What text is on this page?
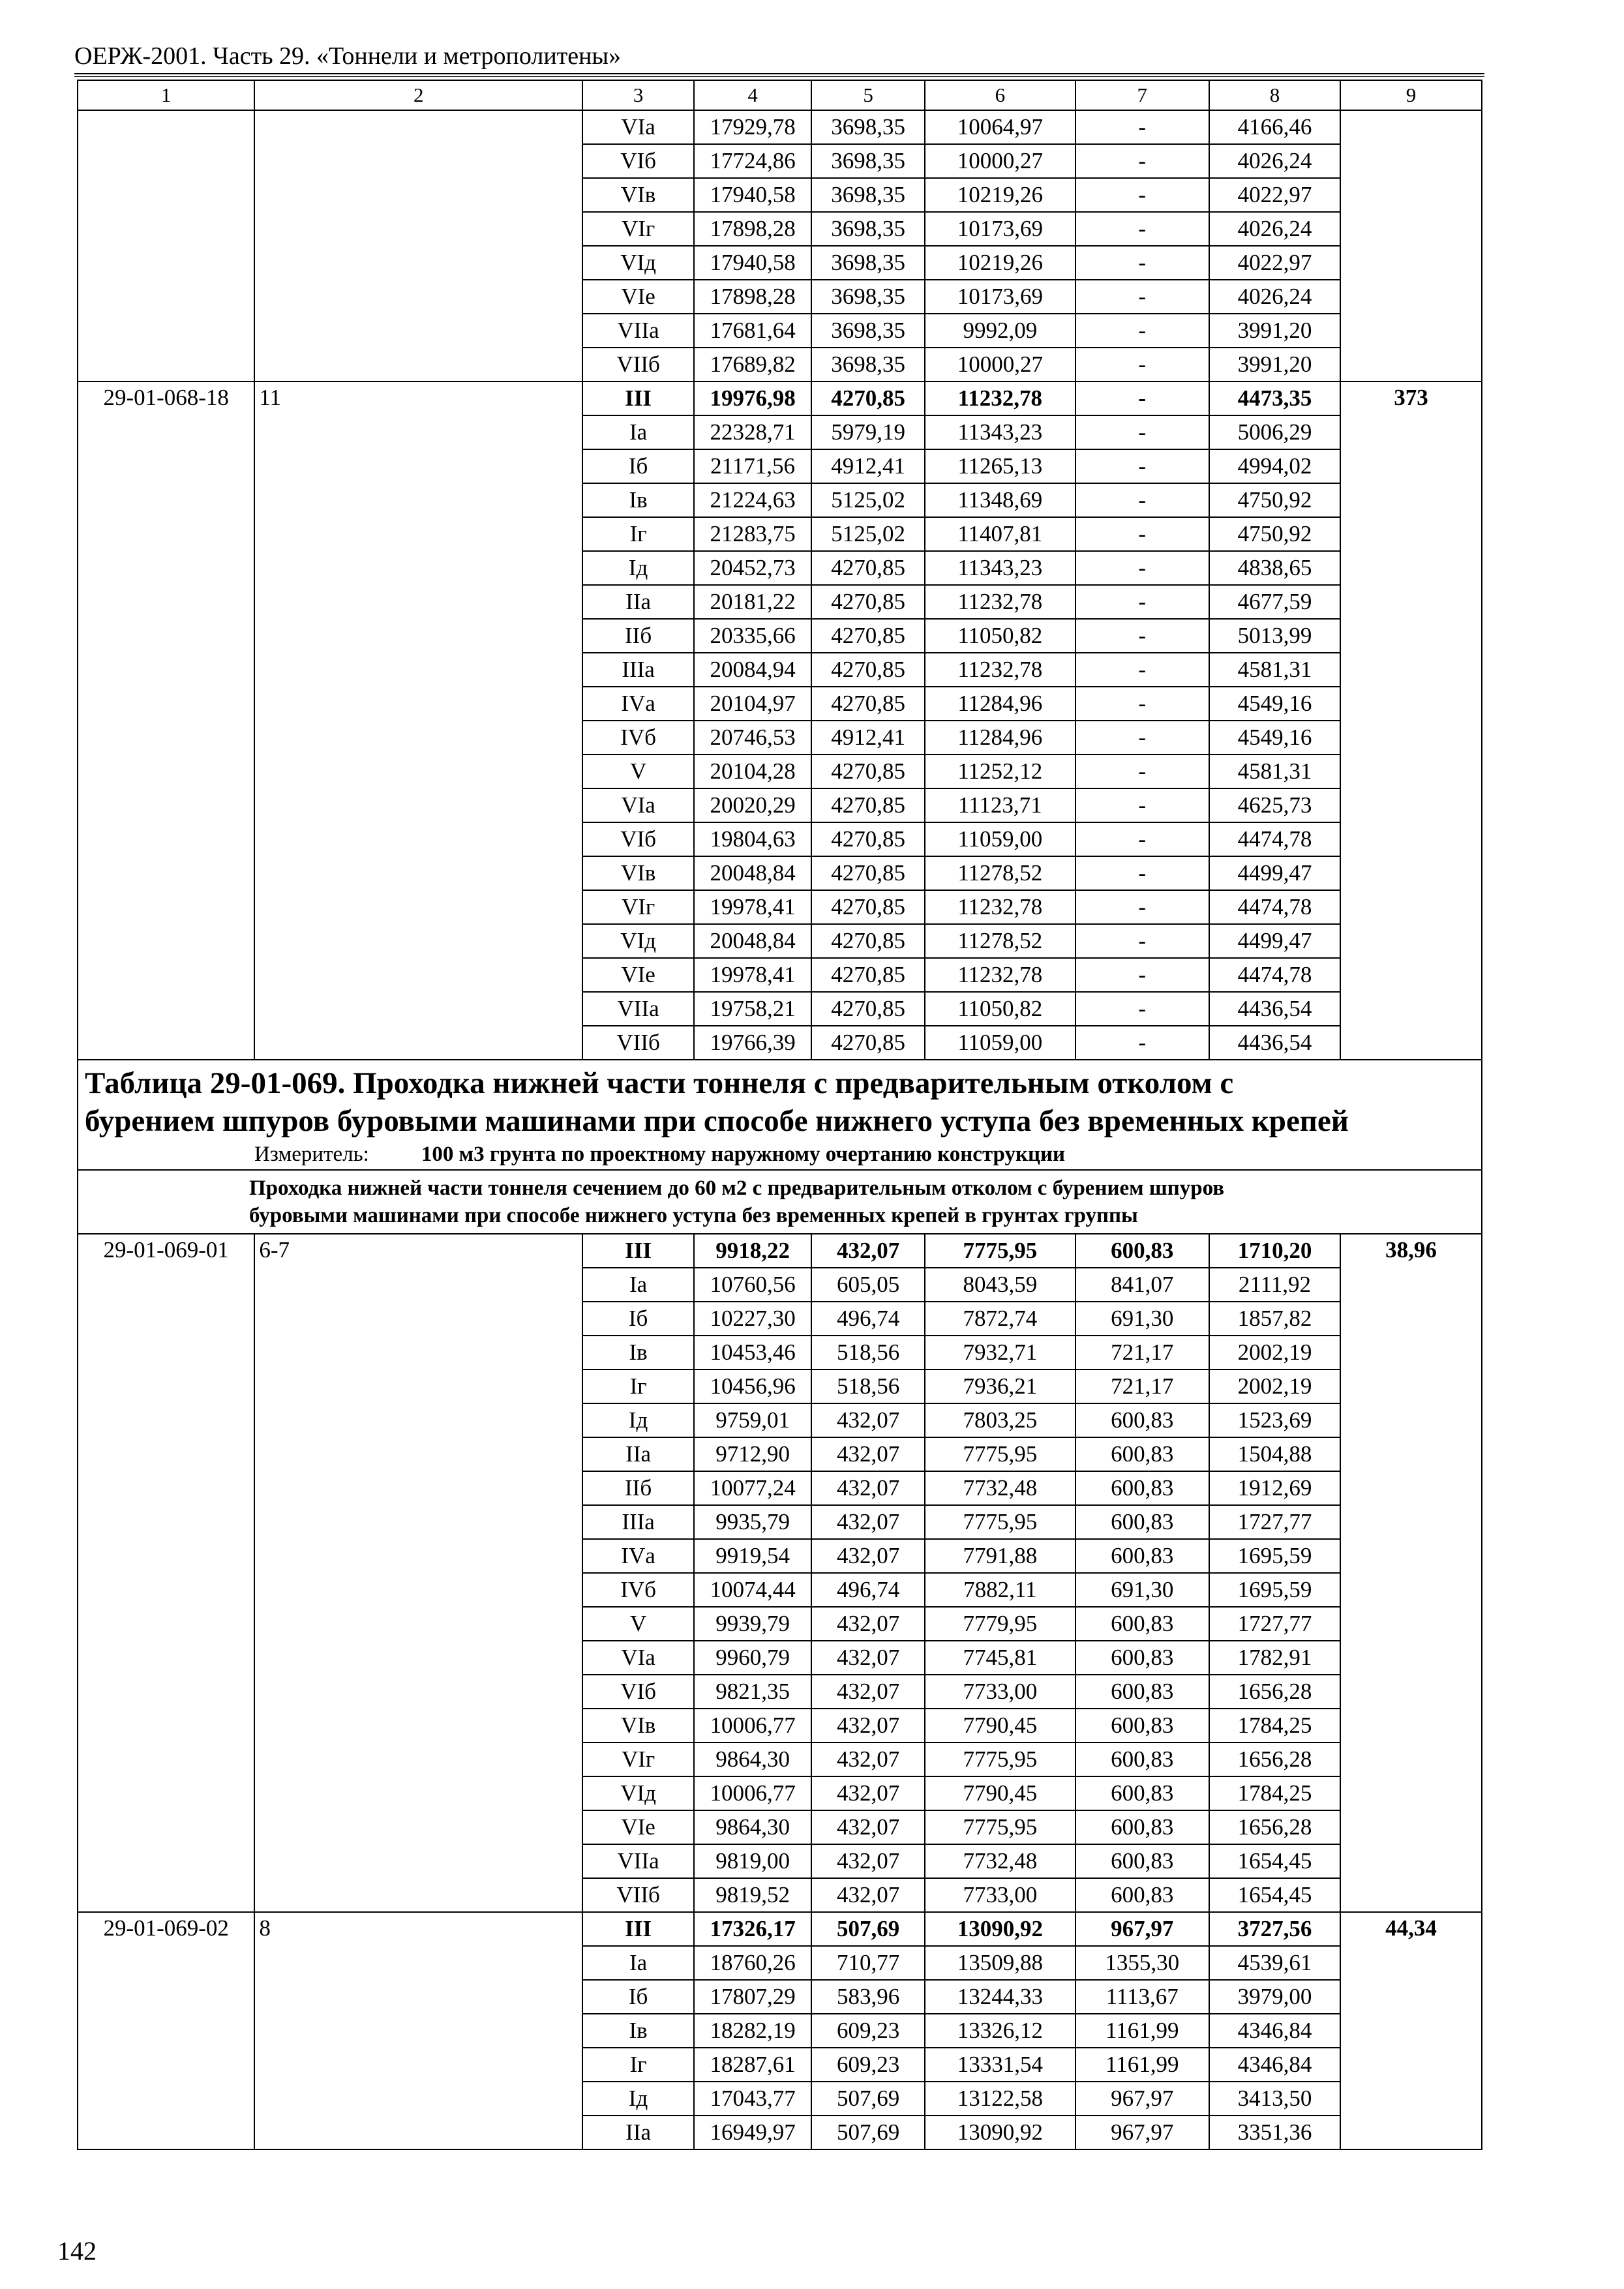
ОЕРЖ-2001. Часть 29. «Тоннели и метрополитены»
1	2	3	4	5	6	7	8	9
		VIа	17929,78	3698,35	10064,97	-	4166,46	
		VIб	17724,86	3698,35	10000,27	-	4026,24	
		VIв	17940,58	3698,35	10219,26	-	4022,97	
		VIг	17898,28	3698,35	10173,69	-	4026,24	
		VIд	17940,58	3698,35	10219,26	-	4022,97	
		VIе	17898,28	3698,35	10173,69	-	4026,24	
		VIIа	17681,64	3698,35	9992,09	-	3991,20	
		VIIб	17689,82	3698,35	10000,27	-	3991,20	
29-01-068-18	11	III	19976,98	4270,85	11232,78	-	4473,35	373
		Iа	22328,71	5979,19	11343,23	-	5006,29	
		Iб	21171,56	4912,41	11265,13	-	4994,02	
		Iв	21224,63	5125,02	11348,69	-	4750,92	
		Iг	21283,75	5125,02	11407,81	-	4750,92	
		Iд	20452,73	4270,85	11343,23	-	4838,65	
		IIа	20181,22	4270,85	11232,78	-	4677,59	
		IIб	20335,66	4270,85	11050,82	-	5013,99	
		IIIа	20084,94	4270,85	11232,78	-	4581,31	
		IVа	20104,97	4270,85	11284,96	-	4549,16	
		IVб	20746,53	4912,41	11284,96	-	4549,16	
		V	20104,28	4270,85	11252,12	-	4581,31	
		VIа	20020,29	4270,85	11123,71	-	4625,73	
		VIб	19804,63	4270,85	11059,00	-	4474,78	
		VIв	20048,84	4270,85	11278,52	-	4499,47	
		VIг	19978,41	4270,85	11232,78	-	4474,78	
		VIд	20048,84	4270,85	11278,52	-	4499,47	
		VIе	19978,41	4270,85	11232,78	-	4474,78	
		VIIа	19758,21	4270,85	11050,82	-	4436,54	
		VIIб	19766,39	4270,85	11059,00	-	4436,54	

Таблица 29-01-069. Проходка нижней части тоннеля с предварительным отколом с
бурением шпуров буровыми машинами при способе нижнего уступа без временных крепей
Измеритель: 100 м3 грунта по проектному наружному очертанию конструкции								

Проходка нижней части тоннеля сечением до 60 м2 с предварительным отколом с бурением шпуров
буровыми машинами при способе нижнего уступа без временных крепей в грунтах группы								

29-01-069-01	6-7	III	9918,22	432,07	7775,95	600,83	1710,20	38,96
		Iа	10760,56	605,05	8043,59	841,07	2111,92	
		Iб	10227,30	496,74	7872,74	691,30	1857,82	
		Iв	10453,46	518,56	7932,71	721,17	2002,19	
		Iг	10456,96	518,56	7936,21	721,17	2002,19	
		Iд	9759,01	432,07	7803,25	600,83	1523,69	
		IIа	9712,90	432,07	7775,95	600,83	1504,88	
		IIб	10077,24	432,07	7732,48	600,83	1912,69	
		IIIа	9935,79	432,07	7775,95	600,83	1727,77	
		IVа	9919,54	432,07	7791,88	600,83	1695,59	
		IVб	10074,44	496,74	7882,11	691,30	1695,59	
		V	9939,79	432,07	7779,95	600,83	1727,77	
		VIа	9960,79	432,07	7745,81	600,83	1782,91	
		VIб	9821,35	432,07	7733,00	600,83	1656,28	
		VIв	10006,77	432,07	7790,45	600,83	1784,25	
		VIг	9864,30	432,07	7775,95	600,83	1656,28	
		VIд	10006,77	432,07	7790,45	600,83	1784,25	
		VIе	9864,30	432,07	7775,95	600,83	1656,28	
		VIIа	9819,00	432,07	7732,48	600,83	1654,45	
		VIIб	9819,52	432,07	7733,00	600,83	1654,45	
29-01-069-02	8	III	17326,17	507,69	13090,92	967,97	3727,56	44,34
		Iа	18760,26	710,77	13509,88	1355,30	4539,61	
		Iб	17807,29	583,96	13244,33	1113,67	3979,00	
		Iв	18282,19	609,23	13326,12	1161,99	4346,84	
		Iг	18287,61	609,23	13331,54	1161,99	4346,84	
		Iд	17043,77	507,69	13122,58	967,97	3413,50	
		IIа	16949,97	507,69	13090,92	967,97	3351,36	
142
